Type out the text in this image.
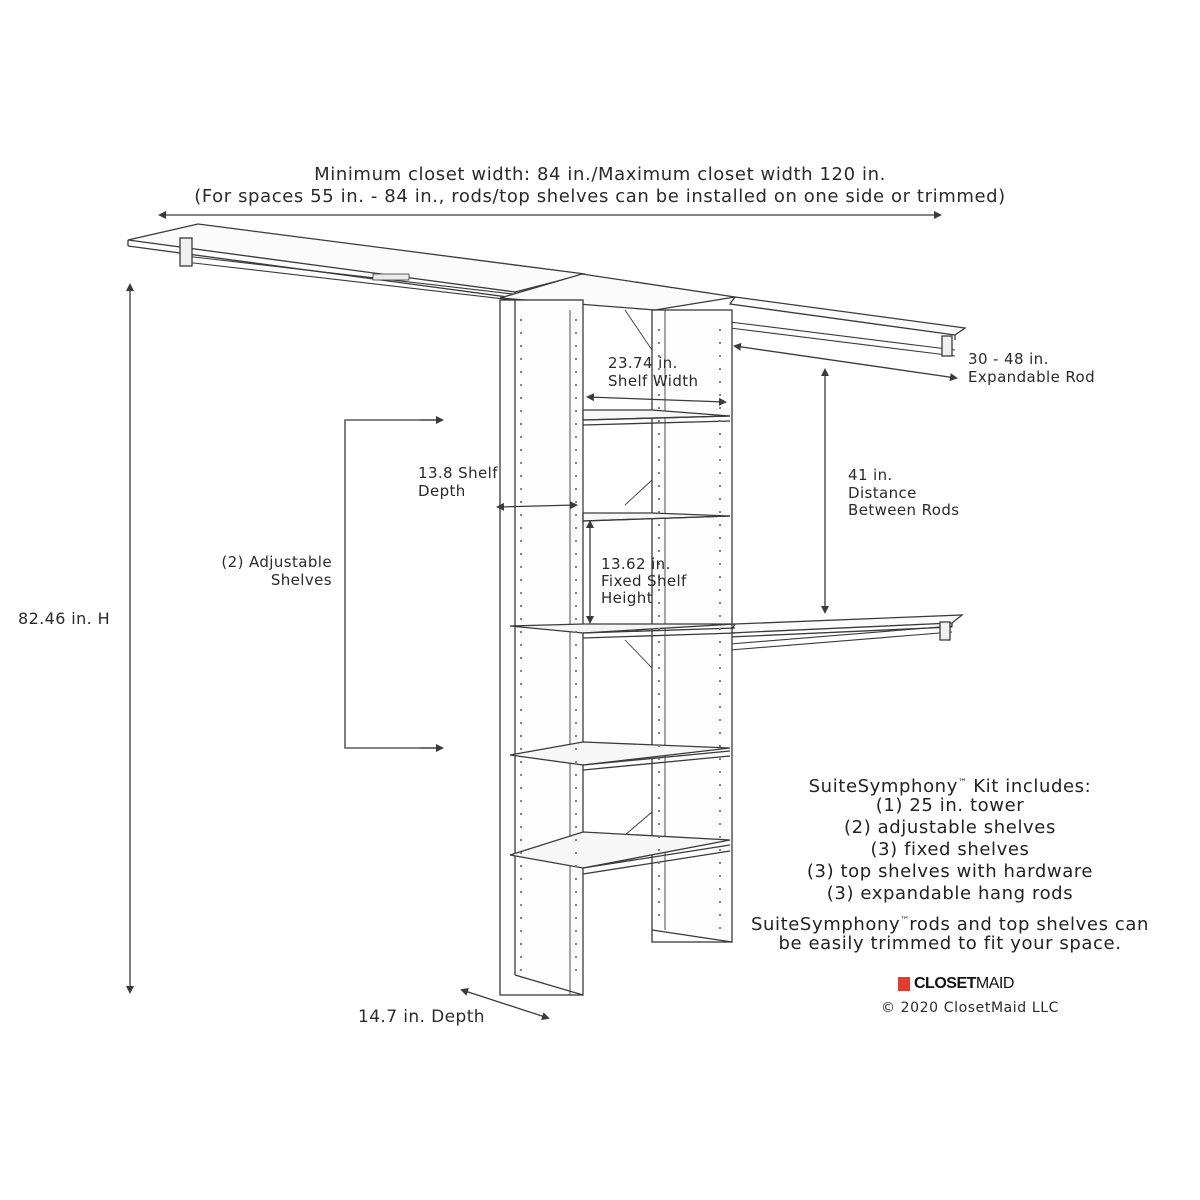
Minimum closet width: 84 in./Maximum closet width 120 in.
(For spaces 55 in. - 84 in., rods/top shelves can be installed on one side or trimmed)
82.46 in. H
14.7 in. Depth
23.74 in.
Shelf Width
13.8 Shelf
Depth
(2) Adjustable
Shelves
13.62 in.
Fixed Shelf
Height
30 - 48 in.
Expandable Rod
41 in.
Distance
Between Rods
SuiteSymphony™ Kit includes:
(1) 25 in. tower
(2) adjustable shelves
(3) fixed shelves
(3) top shelves with hardware
(3) expandable hang rods
SuiteSymphony™rods and top shelves can
be easily trimmed to fit your space.
CLOSETMAID
© 2020 ClosetMaid LLC
